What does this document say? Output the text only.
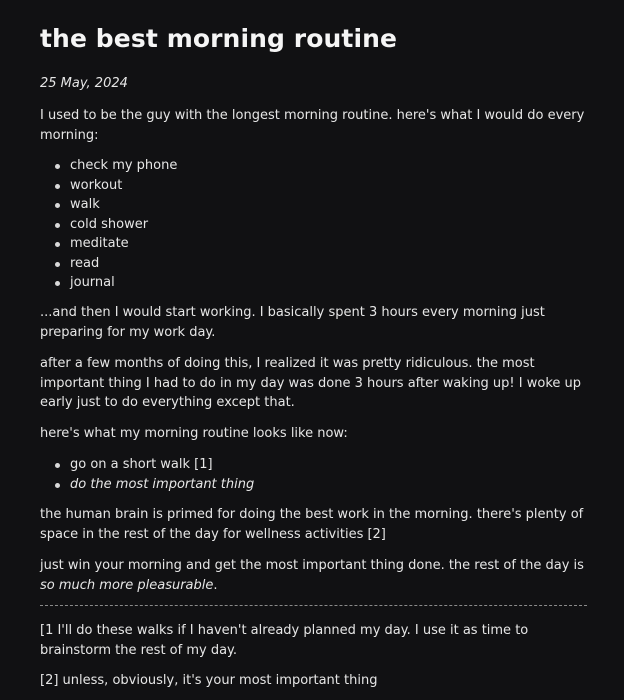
the best morning routine

25 May, 2024

I used to be the guy with the longest morning routine. here's what I would do every morning:

check my phone
workout
walk
cold shower
meditate
read
journal

...and then I would start working. I basically spent 3 hours every morning just preparing for my work day.

after a few months of doing this, I realized it was pretty ridiculous. the most important thing I had to do in my day was done 3 hours after waking up! I woke up early just to do everything except that.

here's what my morning routine looks like now:

go on a short walk [1]
do the most important thing

the human brain is primed for doing the best work in the morning. there's plenty of space in the rest of the day for wellness activities [2]

just win your morning and get the most important thing done. the rest of the day is so much more pleasurable.

[1 I'll do these walks if I haven't already planned my day. I use it as time to brainstorm the rest of my day.

[2] unless, obviously, it's your most important thing
